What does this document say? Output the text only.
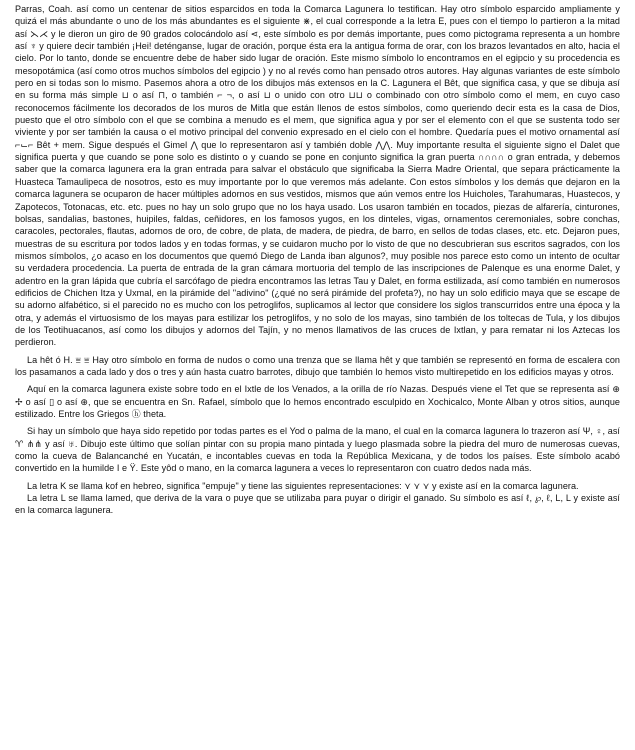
Parras, Coah. así como un centenar de sitios esparcidos en toda la Comarca Lagunera lo testifican. Hay otro símbolo esparcido ampliamente y quizá el más abundante o uno de los más abundantes es el siguiente ⋇, el cual corresponde a la letra E, pues con el tiempo lo partieron a la mitad así ⋋⋌ y le dieron un giro de 90 grados colocándolo así ⋖, este símbolo es por demás importante, pues como pictograma representa a un hombre así ♆ y quiere decir también ¡Hei! deténganse, lugar de oración, porque ésta era la antigua forma de orar, con los brazos levantados en alto, hacia el cielo. Por lo tanto, donde se encuentre debe de haber sido lugar de oración. Este mismo símbolo lo encontramos en el egipcio y su procedencia es mesopotámica (así como otros muchos símbolos del egipcio ) y no al revés como han pensado otros autores. Hay algunas variantes de este símbolo pero en si todas son lo mismo. Pasemos ahora a otro de los dibujos más extensos en la C. Lagunera el Bêt, que significa casa, y que se dibuja así en su forma más simple ⊔ o así ⊓, o también ⌐ ¬, o así ⊔ o unido con otro ⊔⊔ o combinado con otro símbolo como el mem, en cuyo caso reconocemos fácilmente los decorados de los muros de Mitla que están llenos de estos símbolos, como queriendo decir esta es la casa de Dios, puesto que el otro símbolo con el que se combina a menudo es el mem, que significa agua y por ser el elemento con el que se sustenta todo ser viviente y por ser también la causa o el motivo principal del convenio expresado en el cielo con el hombre. Quedaría pues el motivo ornamental así ⌐⌙⌐ Bêt + mem. Sigue después el Gimel ⋀ que lo representaron así y también doble ⋀⋀. Muy importante resulta el siguiente signo el Dalet que significa puerta y que cuando se pone solo es distinto o y cuando se pone en conjunto significa la gran puerta ∩∩∩∩ o gran entrada, y debemos saber que la comarca lagunera era la gran entrada para salvar el obstáculo que significaba la Sierra Madre Oriental, que separa prácticamente la Huasteca Tamaulipeca de nosotros, esto es muy importante por lo que veremos más adelante. Con estos símbolos y los demás que dejaron en la comarca lagunera se ocuparon de hacer múltiples adornos en sus vestidos, mismos que aún vemos entre los Huicholes, Tarahumaras, Huastecos, y Zapotecos, Totonacas, etc. etc. pues no hay un solo grupo que no los haya usado. Los usaron también en tocados, piezas de alfarería, cinturones, bolsas, sandalias, bastones, huipiles, faldas, ceñidores, en los famosos yugos, en los dinteles, vigas, ornamentos ceremoniales, sobre conchas, caracoles, pectorales, flautas, adornos de oro, de cobre, de plata, de madera, de piedra, de barro, en sellos de todas clases, etc. etc. Dejaron pues, muestras de su escritura por todos lados y en todas formas, y se cuidaron mucho por lo visto de que no descubrieran sus escritos sagrados, con los mismos símbolos, ¿o acaso en los documentos que quemó Diego de Landa iban algunos?, muy posible nos parece esto como un intento de ocultar su verdadera procedencia. La puerta de entrada de la gran cámara mortuoria del templo de las inscripciones de Palenque es una enorme Dalet, y adentro en la gran lápida que cubría el sarcófago de piedra encontramos las letras Tau y Dalet, en forma estilizada, así como también en numerosos edificios de Chichen Itza y Uxmal, en la pirámide del "adivino" (¿qué no será pirámide del profeta?), no hay un solo edificio maya que se escape de su adorno alfabético, si el parecido no es mucho con los petroglifos, suplicamos al lector que considere los siglos transcurridos entre una época y la otra, y además el virtuosismo de los mayas para estilizar los petroglifos, y no solo de los mayas, sino también de los toltecas de Tula, y los dibujos de los Teotihuacanos, así como los dibujos y adornos del Tajín, y no menos llamativos de las cruces de Ixtlan, y para rematar ni los Aztecas los perdieron.

La hêt ó H. ⩸ ⩸ Hay otro símbolo en forma de nudos o como una trenza que se llama hêt y que también se representó en forma de escalera con los pasamanos a cada lado y dos o tres y aún hasta cuatro barrotes, dibujo que también lo hemos visto multirepetido en los edificios mayas y otros.

Aquí en la comarca lagunera existe sobre todo en el Ixtle de los Venados, a la orilla de río Nazas. Después viene el Tet que se representa así ⊕ ✢ o así ▯ o así ⊕, que se encuentra en Sn. Rafael, símbolo que lo hemos encontrado esculpido en Xochicalco, Monte Alban y otros sitios, aunque estilizado. Entre los Griegos ⓗ theta.

Si hay un símbolo que haya sido repetido por todas partes es el Yod o palma de la mano, el cual en la comarca lagunera lo trazeron así Ψ, ♀, así ♈ ⋔⋔ y así ♅. Dibujo este último que solían pintar con su propia mano pintada y luego plasmada sobre la piedra del muro de numerosas cuevas, como la cueva de Balancanché en Yucatán, e incontables cuevas en toda la República Mexicana, y de todos los países. Este símbolo acabó convertido en la humilde I e Ÿ. Este yôd o mano, en la comarca lagunera a veces lo representaron con cuatro dedos nada más.

La letra K se llama kof en hebreo, significa "empuje" y tiene las siguientes representaciones: ⋎ ⋎ ⋎ y existe así en la comarca lagunera.

La letra L se llama lamed, que deriva de la vara o puye que se utilizaba para puyar o dirigir el ganado. Su símbolo es así ℓ, ℘, ℓ, L, L y existe así en la comarca lagunera.
